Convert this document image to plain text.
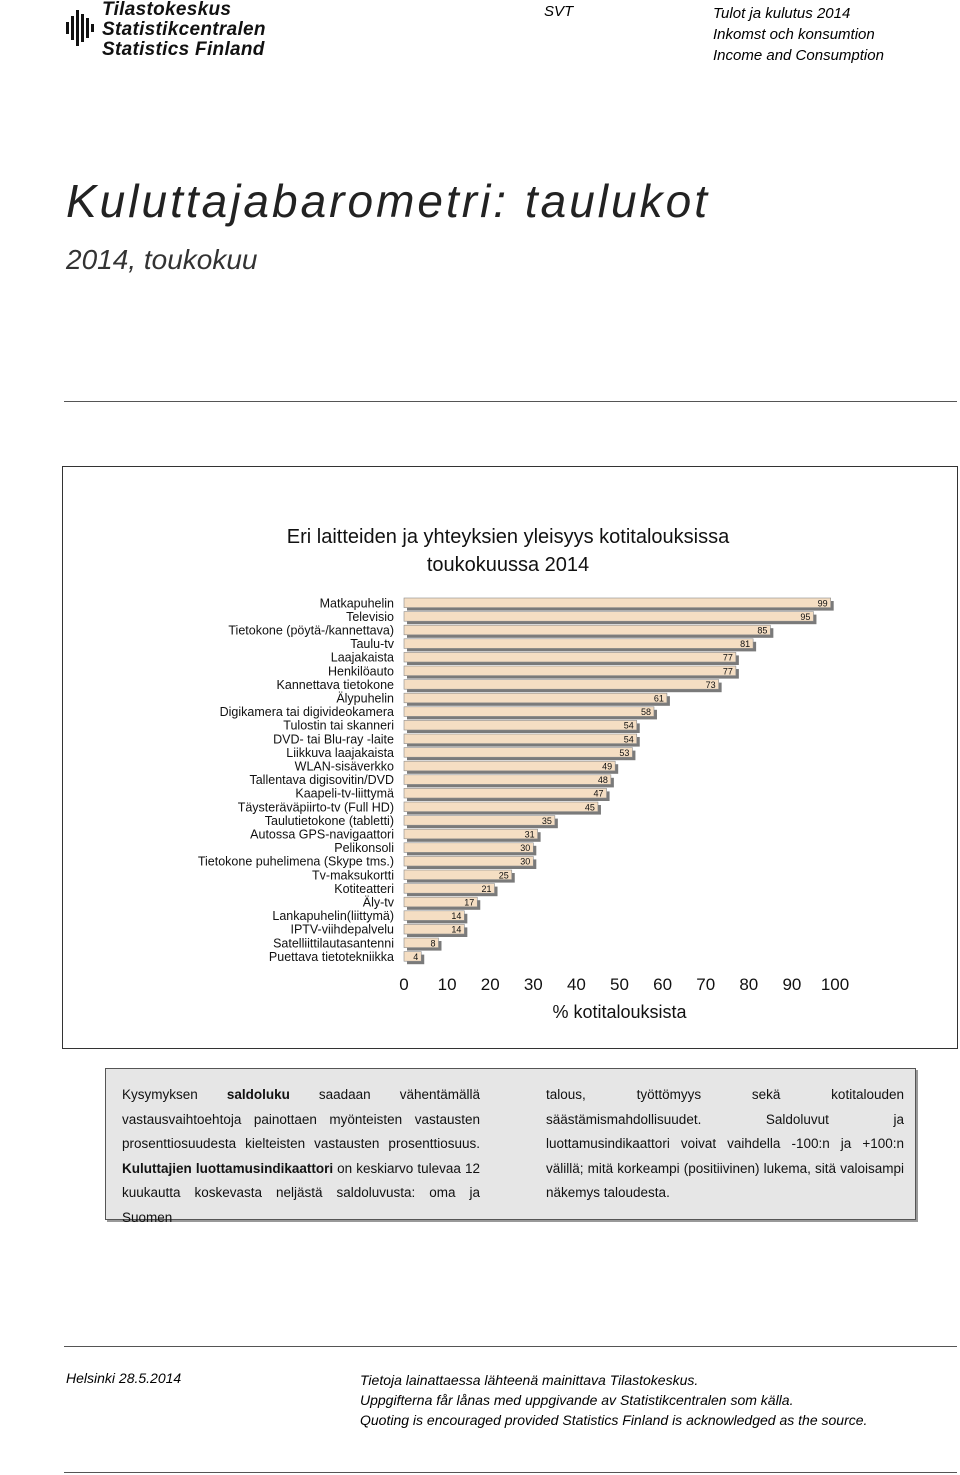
Tilastokeskus
Statistikcentralen
Statistics Finland
SVT	Tulot ja kulutus 2014
Inkomst och konsumtion
Income and Consumption
Kuluttajabarometri: taulukot
2014, toukokuu
Eri laitteiden ja yhteyksien yleisyys kotitalouksissa
toukokuussa 2014
Matkapuhelin	99
Televisio	95
Tietokone (pöytä-/kannettava)	85
Taulu-tv	81
Laajakaista	77
Henkilöauto	77
Kannettava tietokone	73
Älypuhelin	61
Digikamera tai digivideokamera	58
Tulostin tai skanneri	54
DVD- tai Blu-ray -laite	54
Liikkuva laajakaista	53
WLAN-sisäverkko	49
Tallentava digisovitin/DVD	48
Kaapeli-tv-liittymä	47
Täysteräväpiirto-tv (Full HD)	45
Taulutietokone (tabletti)	35
Autossa GPS-navigaattori	31
Pelikonsoli	30
Tietokone puhelimena (Skype tms.)	30
Tv-maksukortti	25
Kotiteatteri	21
Äly-tv	17
Lankapuhelin(liittymä)	14
IPTV-viihdepalvelu	14
Satelliittilautasantenni	8
Puettava tietotekniikka 4
0 10 20 30 40 50 60 70 80 90 100
% kotitalouksista
Kysymyksen saldoluku saadaan vähentämällä vastausvaihtoehtoja painottaen myönteisten vastausten prosenttiosuudesta kielteisten vastausten prosenttiosuus. Kuluttajien luottamusindikaattori on keskiarvo tulevaa 12 kuukautta koskevasta neljästä saldoluvusta: oma ja Suomen
talous, työttömyys sekä kotitalouden säästämismahdollisuudet. Saldoluvut ja luottamusindikaattori voivat vaihdella -100:n ja +100:n välillä; mitä korkeampi (positiivinen) lukema, sitä valoisampi näkemys taloudesta.
Helsinki 28.5.2014	Tietoja lainattaessa lähteenä mainittava Tilastokeskus.
Uppgifterna får lånas med uppgivande av Statistikcentralen som källa.
Quoting is encouraged provided Statistics Finland is acknowledged as the source.
